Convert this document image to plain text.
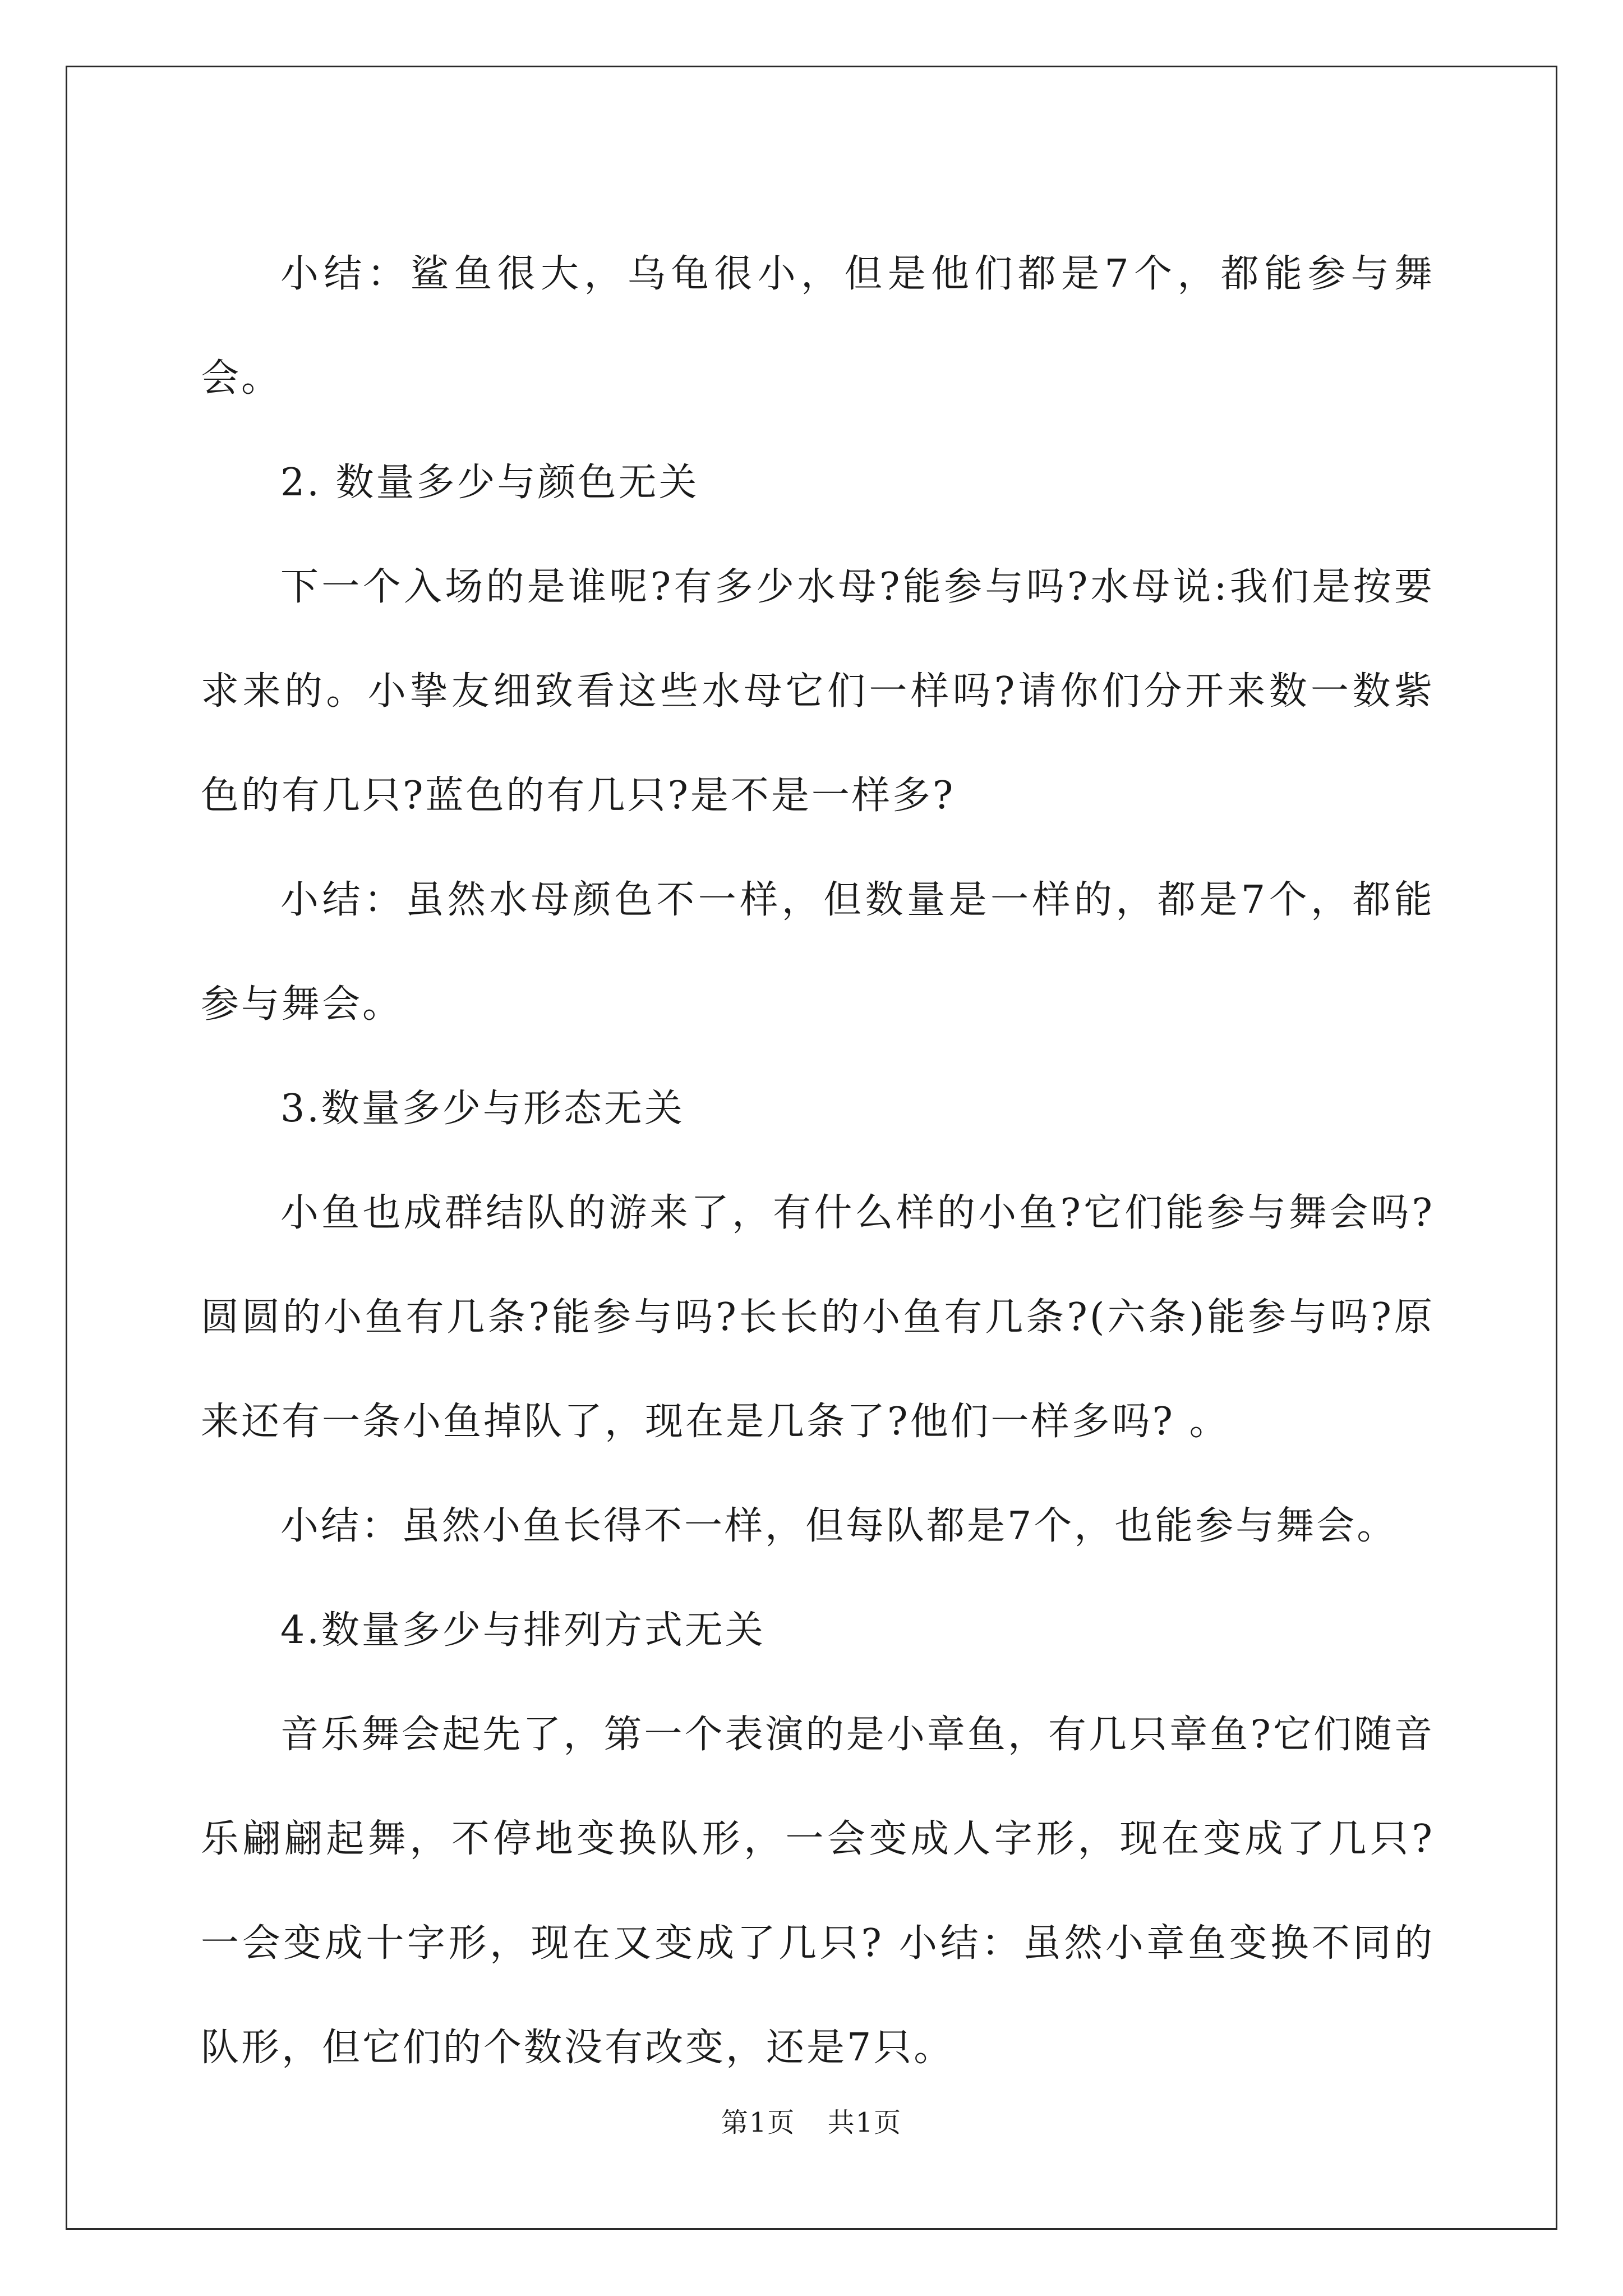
小结：鲨鱼很大，乌龟很小，但是他们都是7个，都能参与舞会。

2. 数量多少与颜色无关

下一个入场的是谁呢?有多少水母?能参与吗?水母说:我们是按要求来的。小挚友细致看这些水母它们一样吗?请你们分开来数一数紫色的有几只?蓝色的有几只?是不是一样多?

小结：虽然水母颜色不一样，但数量是一样的，都是7个，都能参与舞会。

3.数量多少与形态无关

小鱼也成群结队的游来了，有什么样的小鱼?它们能参与舞会吗?圆圆的小鱼有几条?能参与吗?长长的小鱼有几条?(六条)能参与吗?原来还有一条小鱼掉队了，现在是几条了?他们一样多吗? 。

小结：虽然小鱼长得不一样，但每队都是7个，也能参与舞会。

4.数量多少与排列方式无关

音乐舞会起先了，第一个表演的是小章鱼，有几只章鱼?它们随音乐翩翩起舞，不停地变换队形，一会变成人字形，现在变成了几只?一会变成十字形，现在又变成了几只? 小结：虽然小章鱼变换不同的队形，但它们的个数没有改变，还是7只。

第1页 共1页
